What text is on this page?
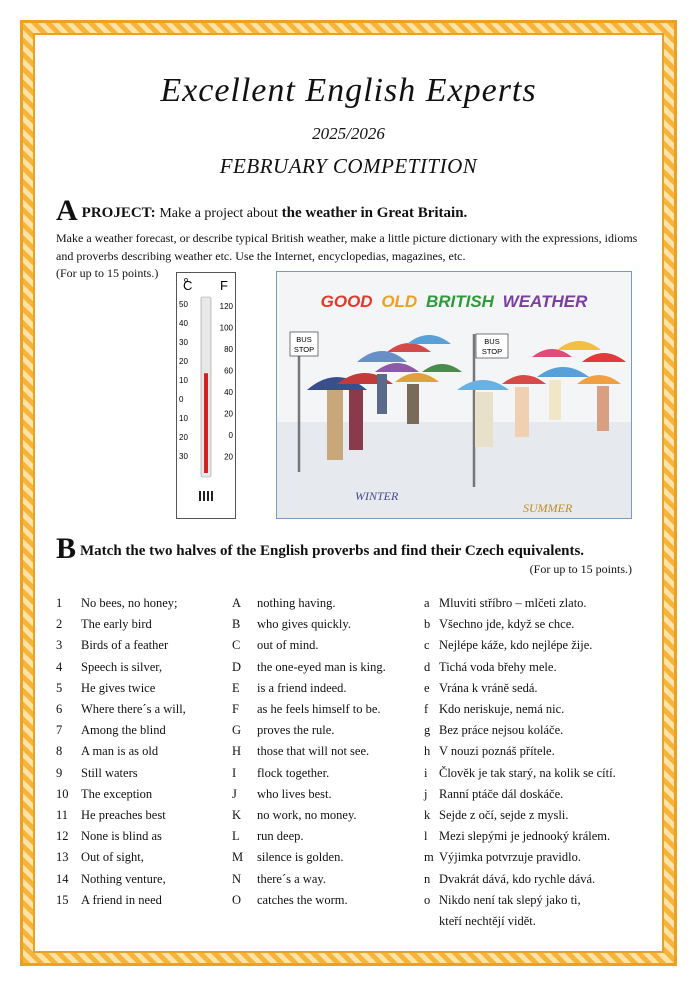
Excellent English Experts
2025/2026
FEBRUARY COMPETITION
APROJECT: Make a project about the weather in Great Britain.
Make a weather forecast, or describe typical British weather, make a little picture dictionary with the expressions, idioms and proverbs describing weather etc. Use the Internet, encyclopedias, magazines, etc.
(For up to 15 points.)
C F
50
40
30
20
10
0
10
20
30
120
100
80
60
40
20
0
20
GOOD OLD BRITISH WEATHER
BUS
STOP
BUS
STOP
WINTER
SUMMER
B Match the two halves of the English proverbs and find their Czech equivalents.
(For up to 15 points.)
1 No bees, no honey;
2 The early bird
3 Birds of a feather
4 Speech is silver,
5 He gives twice
6 Where there´s a will,
7 Among the blind
8 A man is as old
9 Still waters
10 The exception
11 He preaches best
12 None is blind as
13 Out of sight,
14 Nothing venture,
15 A friend in need
A nothing having.
B who gives quickly.
C out of mind.
D the one-eyed man is king.
E is a friend indeed.
F as he feels himself to be.
G proves the rule.
H those that will not see.
I flock together.
J who lives best.
K no work, no money.
L run deep.
M silence is golden.
N there´s a way.
O catches the worm.
a Mluviti stříbro – mlčeti zlato.
b Všechno jde, když se chce.
c Nejlépe káže, kdo nejlépe žije.
d Tichá voda břehy mele.
e Vrána k vráně sedá.
f Kdo neriskuje, nemá nic.
g Bez práce nejsou koláče.
h V nouzi poznáš přítele.
i Člověk je tak starý, na kolik se cítí.
j Ranní ptáče dál doskáče.
k Sejde z očí, sejde z mysli.
l Mezi slepými je jednooký králem.
m Výjimka potvrzuje pravidlo.
n Dvakrát dává, kdo rychle dává.
o Nikdo není tak slepý jako ti,
kteří nechtějí vidět.
